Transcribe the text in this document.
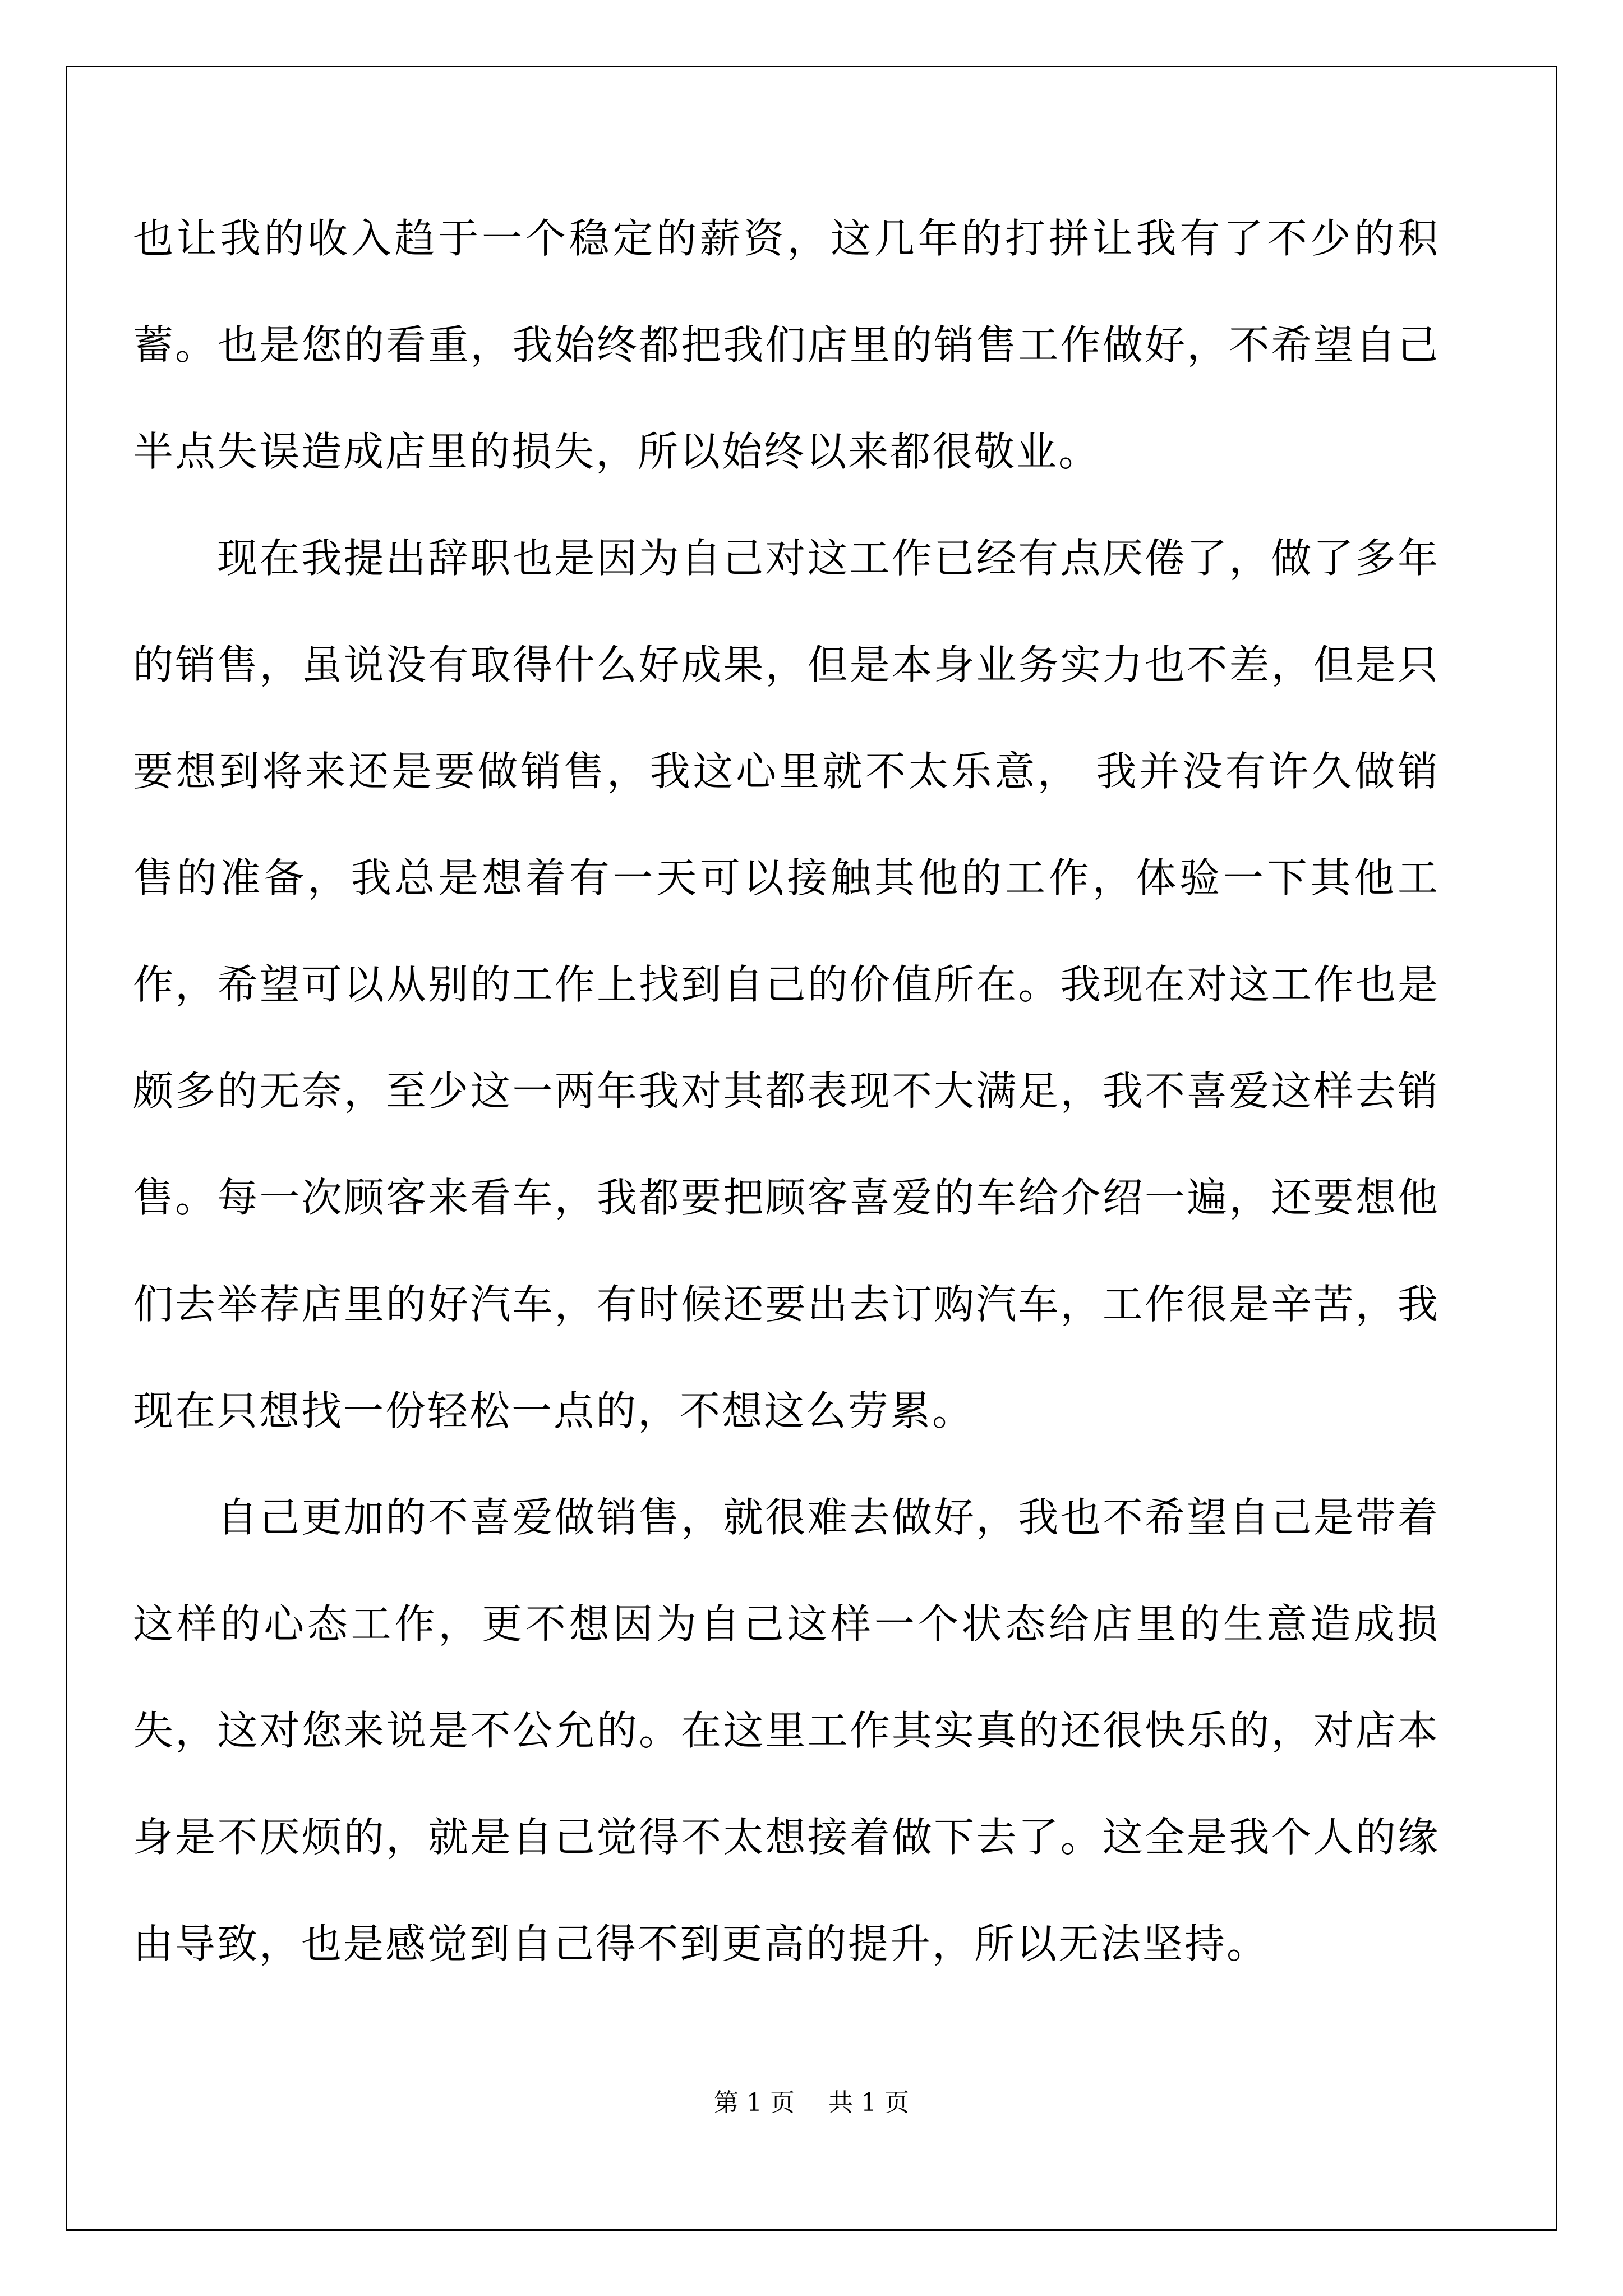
也让我的收入趋于一个稳定的薪资，这几年的打拼让我有了不少的积蓄。也是您的看重，我始终都把我们店里的销售工作做好，不希望自己半点失误造成店里的损失，所以始终以来都很敬业。

现在我提出辞职也是因为自己对这工作已经有点厌倦了，做了多年的销售，虽说没有取得什么好成果，但是本身业务实力也不差，但是只要想到将来还是要做销售，我这心里就不太乐意， 我并没有许久做销售的准备，我总是想着有一天可以接触其他的工作，体验一下其他工作，希望可以从别的工作上找到自己的价值所在。我现在对这工作也是颇多的无奈，至少这一两年我对其都表现不大满足，我不喜爱这样去销售。每一次顾客来看车，我都要把顾客喜爱的车给介绍一遍，还要想他们去举荐店里的好汽车，有时候还要出去订购汽车，工作很是辛苦，我现在只想找一份轻松一点的，不想这么劳累。

自己更加的不喜爱做销售，就很难去做好，我也不希望自己是带着这样的心态工作，更不想因为自己这样一个状态给店里的生意造成损失，这对您来说是不公允的。在这里工作其实真的还很快乐的，对店本身是不厌烦的，就是自己觉得不太想接着做下去了。这全是我个人的缘由导致，也是感觉到自己得不到更高的提升，所以无法坚持。

第 1 页 共 1 页
